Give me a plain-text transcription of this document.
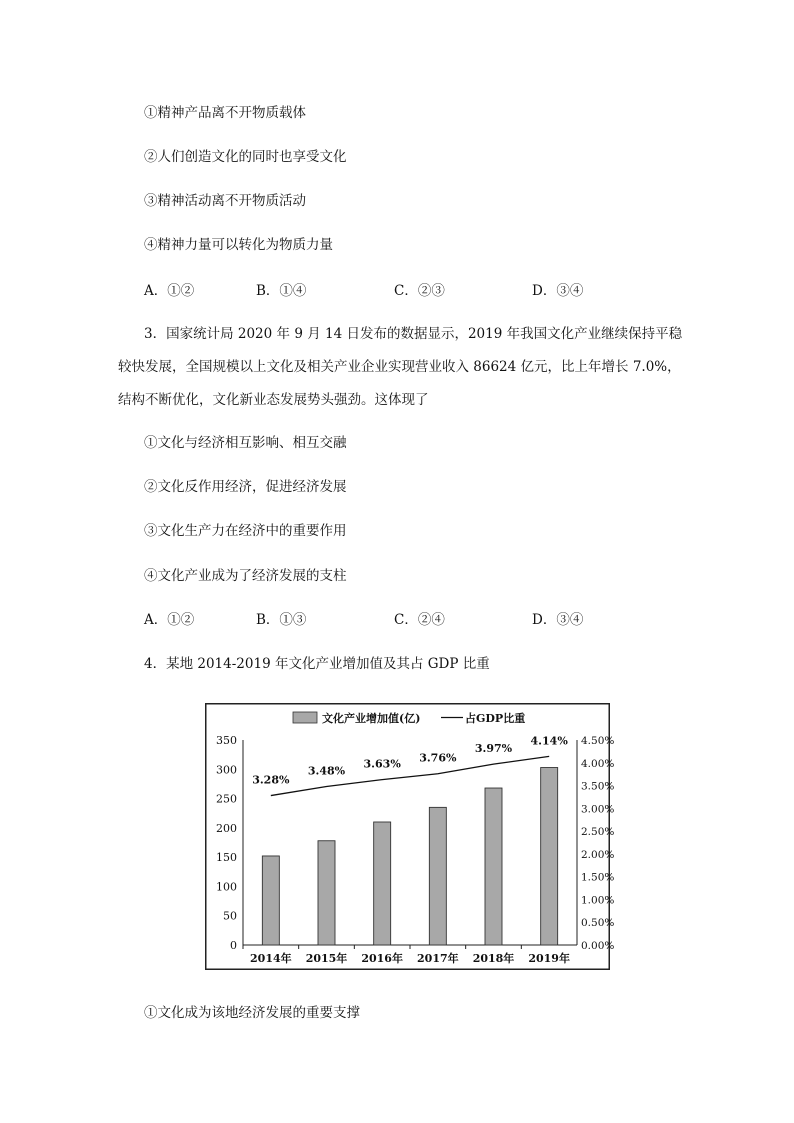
①精神产品离不开物质载体
②人们创造文化的同时也享受文化
③精神活动离不开物质活动
④精神力量可以转化为物质力量
A．①②	B．①④	C．②③	D．③④
3．国家统计局 2020 年 9 月 14 日发布的数据显示，2019 年我国文化产业继续保持平稳
较快发展，全国规模以上文化及相关产业企业实现营业收入 86624 亿元，比上年增长 7.0%，
结构不断优化，文化新业态发展势头强劲。这体现了
①文化与经济相互影响、相互交融
②文化反作用经济，促进经济发展
③文化生产力在经济中的重要作用
④文化产业成为了经济发展的支柱
A．①②	B．①③	C．②④	D．③④
4．某地 2014-2019 年文化产业增加值及其占 GDP 比重
文化产业增加值(亿)	占GDP比重
0
50
100
150
200
250
300
350
0.00%
0.50%
1.00%
1.50%
2.00%
2.50%
3.00%
3.50%
4.00%
4.50%
2014年 2015年 2016年 2017年 2018年 2019年
3.28%
3.48%
3.63% 3.76%
3.97%
4.14%
①文化成为该地经济发展的重要支撑
